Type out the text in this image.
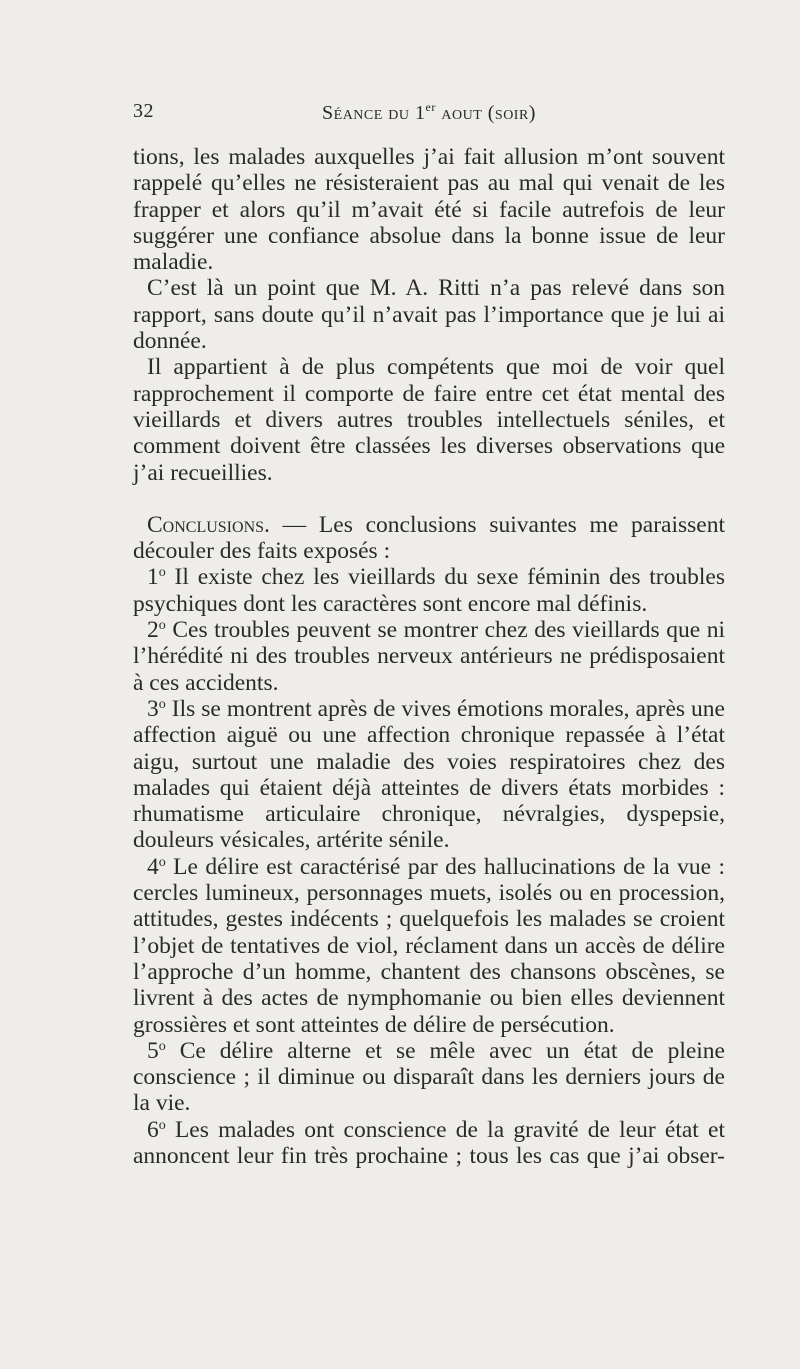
32	Séance du 1er aout (soir)

tions, les malades auxquelles j’ai fait allusion m’ont souvent rappelé qu’elles ne résisteraient pas au mal qui venait de les frapper et alors qu’il m’avait été si facile autrefois de leur suggérer une confiance absolue dans la bonne issue de leur maladie.

C’est là un point que M. A. Ritti n’a pas relevé dans son rapport, sans doute qu’il n’avait pas l’importance que je lui ai donnée.

Il appartient à de plus compétents que moi de voir quel rapprochement il comporte de faire entre cet état mental des vieillards et divers autres troubles intellectuels séniles, et comment doivent être classées les diverses observations que j’ai recueillies.

Conclusions. — Les conclusions suivantes me paraissent découler des faits exposés :

1$^o$ Il existe chez les vieillards du sexe féminin des troubles psychiques dont les caractères sont encore mal définis.

2$^o$ Ces troubles peuvent se montrer chez des vieillards que ni l’hérédité ni des troubles nerveux antérieurs ne prédisposaient à ces accidents.

3$^o$ Ils se montrent après de vives émotions morales, après une affection aiguë ou une affection chronique repassée à l’état aigu, surtout une maladie des voies respiratoires chez des malades qui étaient déjà atteintes de divers états morbides : rhumatisme articulaire chronique, névralgies, dyspepsie, douleurs vésicales, artérite sénile.

4$^o$ Le délire est caractérisé par des hallucinations de la vue : cercles lumineux, personnages muets, isolés ou en procession, attitudes, gestes indécents ; quelquefois les malades se croient l’objet de tentatives de viol, réclament dans un accès de délire l’approche d’un homme, chantent des chansons obscènes, se livrent à des actes de nymphomanie ou bien elles deviennent grossières et sont atteintes de délire de persécution.

5$^o$ Ce délire alterne et se mêle avec un état de pleine conscience ; il diminue ou disparaît dans les derniers jours de la vie.

6$^o$ Les malades ont conscience de la gravité de leur état et annoncent leur fin très prochaine ; tous les cas que j’ai obser-
